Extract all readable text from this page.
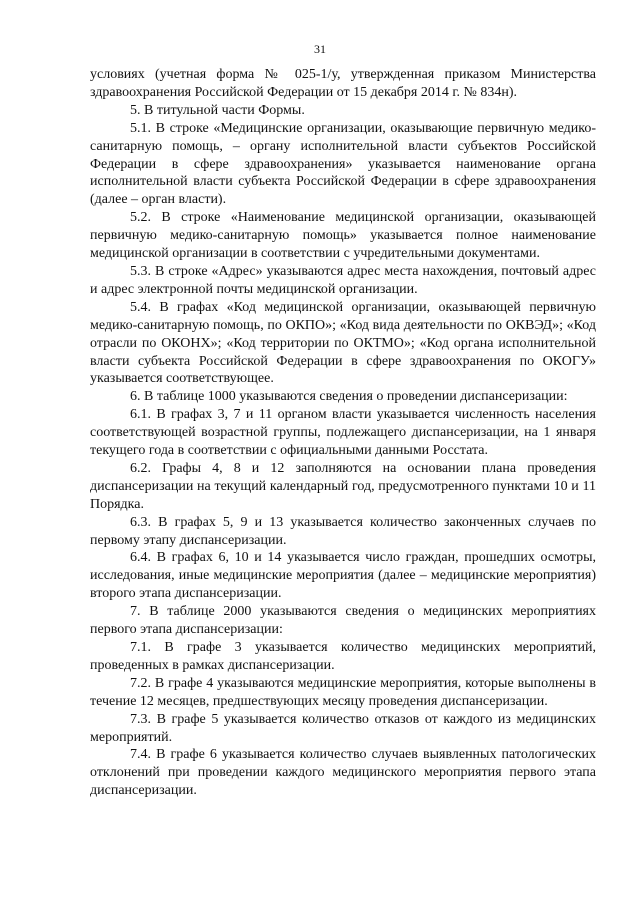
31

условиях (учетная форма № 025-1/у, утвержденная приказом Министерства здравоохранения Российской Федерации от 15 декабря 2014 г. № 834н).

5. В титульной части Формы.

5.1. В строке «Медицинские организации, оказывающие первичную медико-санитарную помощь, – органу исполнительной власти субъектов Российской Федерации в сфере здравоохранения» указывается наименование органа исполнительной власти субъекта Российской Федерации в сфере здравоохранения (далее – орган власти).

5.2. В строке «Наименование медицинской организации, оказывающей первичную медико-санитарную помощь» указывается полное наименование медицинской организации в соответствии с учредительными документами.

5.3. В строке «Адрес» указываются адрес места нахождения, почтовый адрес и адрес электронной почты медицинской организации.

5.4. В графах «Код медицинской организации, оказывающей первичную медико-санитарную помощь, по ОКПО»; «Код вида деятельности по ОКВЭД»; «Код отрасли по ОКОНХ»; «Код территории по ОКТМО»; «Код органа исполнительной власти субъекта Российской Федерации в сфере здравоохранения по ОКОГУ» указывается соответствующее.

6. В таблице 1000 указываются сведения о проведении диспансеризации:

6.1. В графах 3, 7 и 11 органом власти указывается численность населения соответствующей возрастной группы, подлежащего диспансеризации, на 1 января текущего года в соответствии с официальными данными Росстата.

6.2. Графы 4, 8 и 12 заполняются на основании плана проведения диспансеризации на текущий календарный год, предусмотренного пунктами 10 и 11 Порядка.

6.3. В графах 5, 9 и 13 указывается количество законченных случаев по первому этапу диспансеризации.

6.4. В графах 6, 10 и 14 указывается число граждан, прошедших осмотры, исследования, иные медицинские мероприятия (далее – медицинские мероприятия) второго этапа диспансеризации.

7. В таблице 2000 указываются сведения о медицинских мероприятиях первого этапа диспансеризации:

7.1. В графе 3 указывается количество медицинских мероприятий, проведенных в рамках диспансеризации.

7.2. В графе 4 указываются медицинские мероприятия, которые выполнены в течение 12 месяцев, предшествующих месяцу проведения диспансеризации.

7.3. В графе 5 указывается количество отказов от каждого из медицинских мероприятий.

7.4. В графе 6 указывается количество случаев выявленных патологических отклонений при проведении каждого медицинского мероприятия первого этапа диспансеризации.
